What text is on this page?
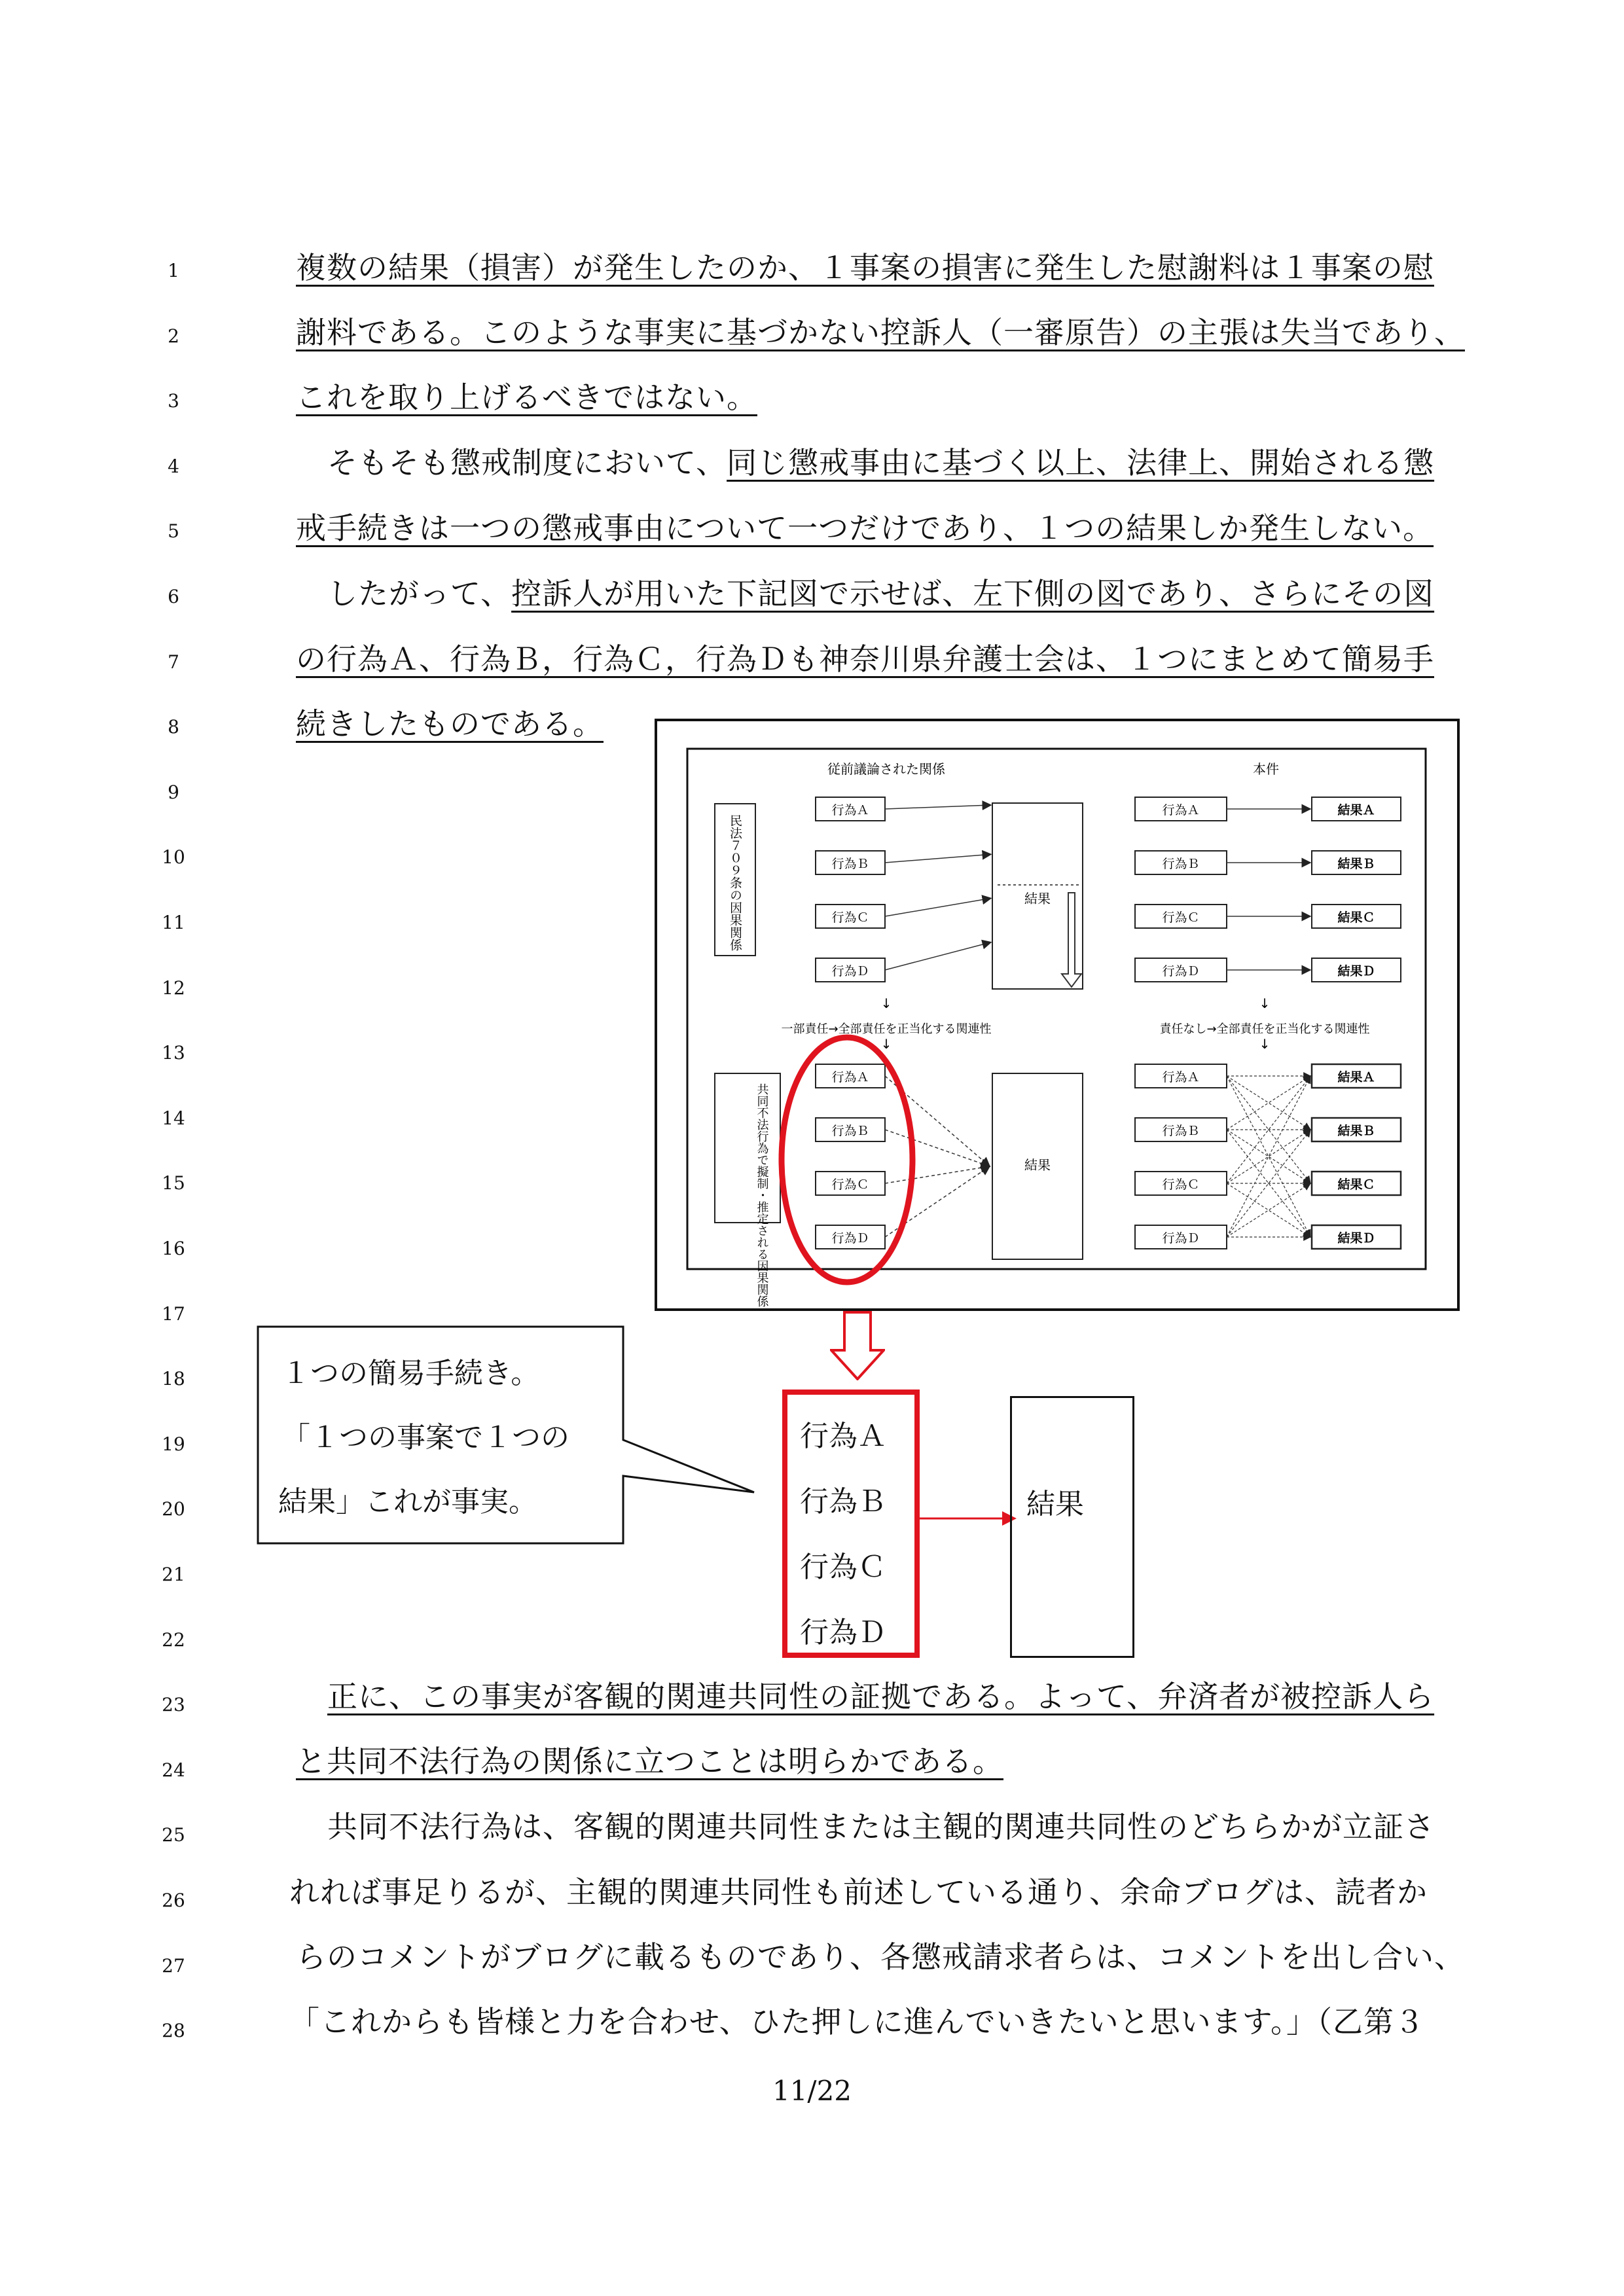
1
2
3
4
5
6
7
8
9
10
11
12
13
14
15
16
17
18
19
20
21
22
23
24
25
26
27
28
複数の結果（損害）が発生したのか、１事案の損害に発生した慰謝料は１事案の慰
謝料である。このような事実に基づかない控訴人（一審原告）の主張は失当であり、
これを取り上げるべきではない。
そもそも懲戒制度において、同じ懲戒事由に基づく以上、法律上、開始される懲
戒手続きは一つの懲戒事由について一つだけであり、１つの結果しか発生しない。
したがって、控訴人が用いた下記図で示せば、左下側の図であり、さらにその図
の行為Ａ、行為Ｂ，行為Ｃ，行為Ｄも神奈川県弁護士会は、１つにまとめて簡易手
続きしたものである。
従前議論された関係	本件
民法７０９条の因果関係
行為Ａ
行為Ｂ
行為Ｃ
行為Ｄ
結果
行為Ａ	結果Ａ
行為Ｂ	結果Ｂ
行為Ｃ	結果Ｃ
行為Ｄ	結果Ｄ
↓
一部責任→全部責任を正当化する関連性
↓
↓
責任なし→全部責任を正当化する関連性
↓
共同不法行為で擬制・推定される因果関係
行為Ａ
行為Ｂ
行為Ｃ
行為Ｄ
結果
行為Ａ	結果Ａ
行為Ｂ	結果Ｂ
行為Ｃ	結果Ｃ
行為Ｄ	結果Ｄ
１つの簡易手続き。
「１つの事案で１つの
結果」これが事実。
行為Ａ
行為Ｂ
行為Ｃ
行為Ｄ
結果
正に、この事実が客観的関連共同性の証拠である。よって、弁済者が被控訴人ら
と共同不法行為の関係に立つことは明らかである。
共同不法行為は、客観的関連共同性または主観的関連共同性のどちらかが立証さ
れれば事足りるが、主観的関連共同性も前述している通り、余命ブログは、読者か
らのコメントがブログに載るものであり、各懲戒請求者らは、コメントを出し合い、
「これからも皆様と力を合わせ、ひた押しに進んでいきたいと思います。」（乙第３
11/22
